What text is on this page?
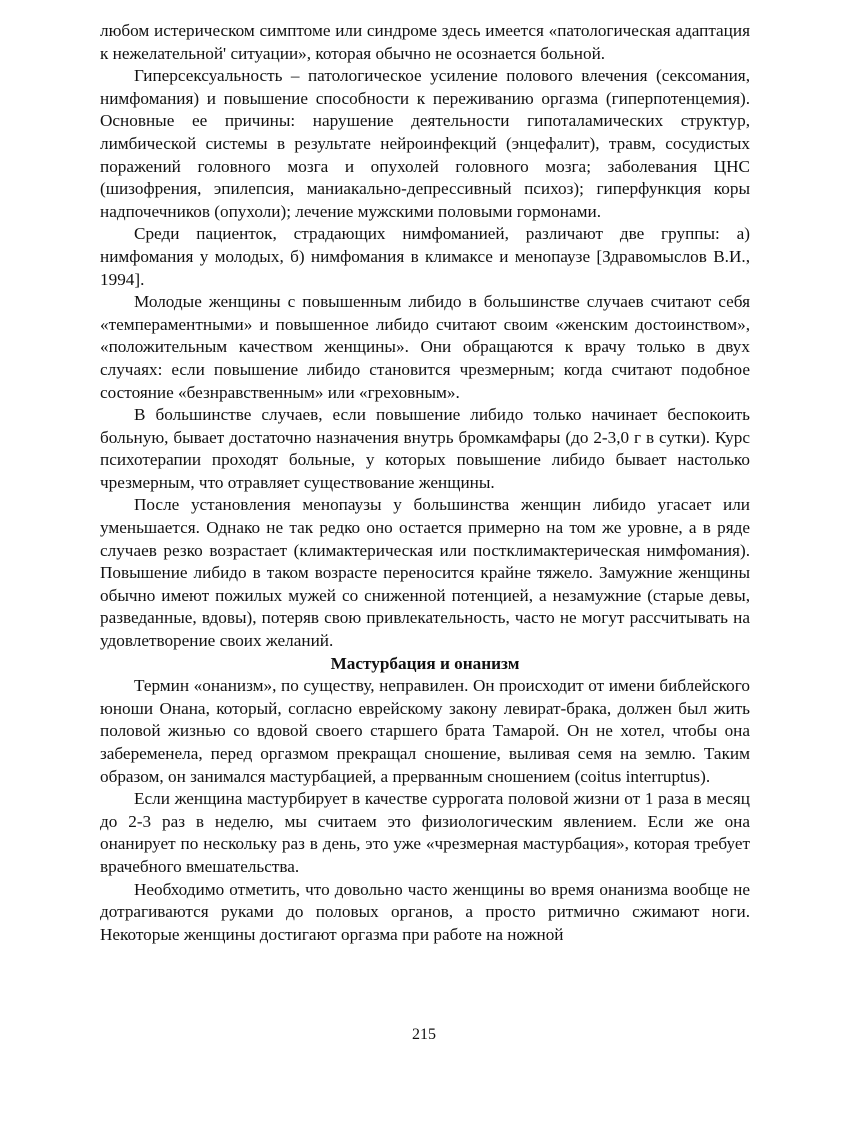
любом истерическом симптоме или синдроме здесь имеется «патологическая адаптация к нежелательной' ситуации», которая обычно не осознается больной.

Гиперсексуальность – патологическое усиление полового влечения (сексомания, нимфомания) и повышение способности к переживанию оргазма (гиперпотенцемия). Основные ее причины: нарушение деятельности гипоталамических структур, лимбической системы в результате нейроинфекций (энцефалит), травм, сосудистых поражений головного мозга и опухолей головного мозга; заболевания ЦНС (шизофрения, эпилепсия, маниакально-депрессивный психоз); гиперфункция коры надпочечников (опухоли); лечение мужскими половыми гормонами.

Среди пациенток, страдающих нимфоманией, различают две группы: а) нимфомания у молодых, б) нимфомания в климаксе и менопаузе [Здравомыслов В.И., 1994].

Молодые женщины с повышенным либидо в большинстве случаев считают себя «темпераментными» и повышенное либидо считают своим «женским достоинством», «положительным качеством женщины». Они обращаются к врачу только в двух случаях: если повышение либидо становится чрезмерным; когда считают подобное состояние «безнравственным» или «греховным».

В большинстве случаев, если повышение либидо только начинает беспокоить больную, бывает достаточно назначения внутрь бромкамфары (до 2-3,0 г в сутки). Курс психотерапии проходят больные, у которых повышение либидо бывает настолько чрезмерным, что отравляет существование женщины.

После установления менопаузы у большинства женщин либидо угасает или уменьшается. Однако не так редко оно остается примерно на том же уровне, а в ряде случаев резко возрастает (климактерическая или постклимактерическая нимфомания). Повышение либидо в таком возрасте переносится крайне тяжело. Замужние женщины обычно имеют пожилых мужей со сниженной потенцией, а незамужние (старые девы, разведанные, вдовы), потеряв свою привлекательность, часто не могут рассчитывать на удовлетворение своих желаний.

Мастурбация и онанизм

Термин «онанизм», по существу, неправилен. Он происходит от имени библейского юноши Онана, который, согласно еврейскому закону левират-брака, должен был жить половой жизнью со вдовой своего старшего брата Тамарой. Он не хотел, чтобы она забеременела, перед оргазмом прекращал сношение, выливая семя на землю. Таким образом, он занимался мастурбацией, а прерванным сношением (coitus interruptus).

Если женщина мастурбирует в качестве суррогата половой жизни от 1 раза в месяц до 2-3 раз в неделю, мы считаем это физиологическим явлением. Если же она онанирует по нескольку раз в день, это уже «чрезмерная мастурбация», которая требует врачебного вмешательства.

Необходимо отметить, что довольно часто женщины во время онанизма вообще не дотрагиваются руками до половых органов, а просто ритмично сжимают ноги. Некоторые женщины достигают оргазма при работе на ножной

215
